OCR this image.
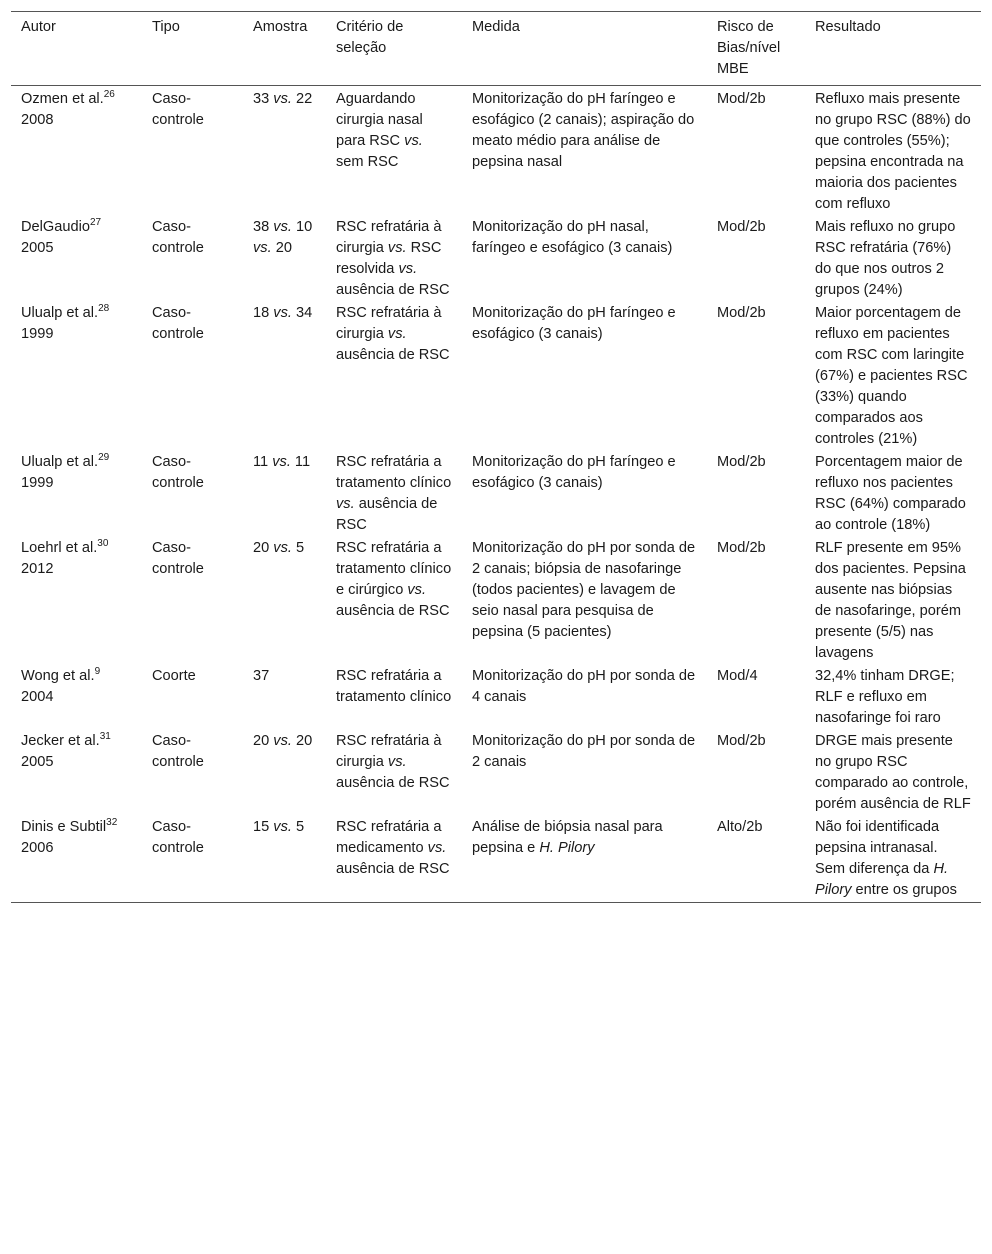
Autor	Tipo	Amostra	Critério de seleção	Medida	Risco de Bias/nível MBE	Resultado
Ozmen et al.$^{26}$ 2008	Caso-controle	33 vs. 22	Aguardando cirurgia nasal para RSC vs. sem RSC	Monitorização do pH faríngeo e esofágico (2 canais); aspiração do meato médio para análise de pepsina nasal	Mod/2b	Refluxo mais presente no grupo RSC (88%) do que controles (55%); pepsina encontrada na maioria dos pacientes com refluxo
DelGaudio$^{27}$ 2005	Caso-controle	38 vs. 10 vs. 20	RSC refratária à cirurgia vs. RSC resolvida vs. ausência de RSC	Monitorização do pH nasal, faríngeo e esofágico (3 canais)	Mod/2b	Mais refluxo no grupo RSC refratária (76%) do que nos outros 2 grupos (24%)
Ulualp et al.$^{28}$ 1999	Caso-controle	18 vs. 34	RSC refratária à cirurgia vs. ausência de RSC	Monitorização do pH faríngeo e esofágico (3 canais)	Mod/2b	Maior porcentagem de refluxo em pacientes com RSC com laringite (67%) e pacientes RSC (33%) quando comparados aos controles (21%)
Ulualp et al.$^{29}$ 1999	Caso-controle	11 vs. 11	RSC refratária a tratamento clínico vs. ausência de RSC	Monitorização do pH faríngeo e esofágico (3 canais)	Mod/2b	Porcentagem maior de refluxo nos pacientes RSC (64%) comparado ao controle (18%)
Loehrl et al.$^{30}$ 2012	Caso-controle	20 vs. 5	RSC refratária a tratamento clínico e cirúrgico vs. ausência de RSC	Monitorização do pH por sonda de 2 canais; biópsia de nasofaringe (todos pacientes) e lavagem de seio nasal para pesquisa de pepsina (5 pacientes)	Mod/2b	RLF presente em 95% dos pacientes. Pepsina ausente nas biópsias de nasofaringe, porém presente (5/5) nas lavagens
Wong et al.$^9$ 2004	Coorte	37	RSC refratária a tratamento clínico	Monitorização do pH por sonda de 4 canais	Mod/4	32,4% tinham DRGE; RLF e refluxo em nasofaringe foi raro
Jecker et al.$^{31}$ 2005	Caso-controle	20 vs. 20	RSC refratária à cirurgia vs. ausência de RSC	Monitorização do pH por sonda de 2 canais	Mod/2b	DRGE mais presente no grupo RSC comparado ao controle, porém ausência de RLF
Dinis e Subtil$^{32}$ 2006	Caso-controle	15 vs. 5	RSC refratária a medicamento vs. ausência de RSC	Análise de biópsia nasal para pepsina e H. Pilory	Alto/2b	Não foi identificada pepsina intranasal. Sem diferença da H. Pilory entre os grupos
